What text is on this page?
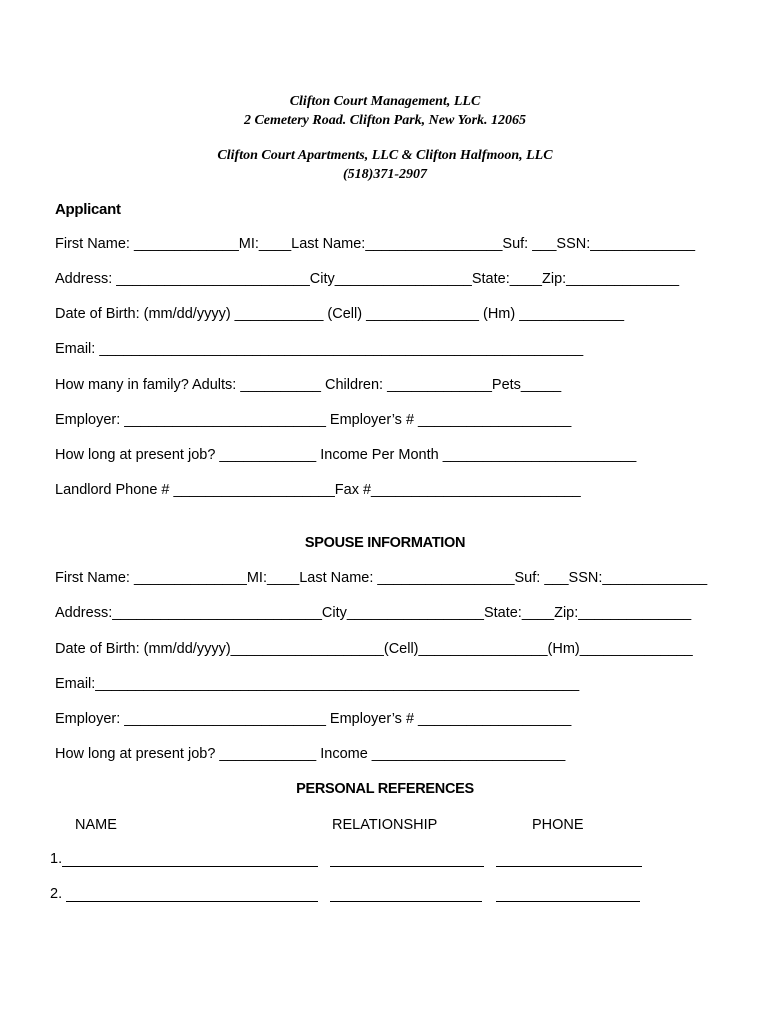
Clifton Court Management, LLC
2 Cemetery Road. Clifton Park, New York. 12065
Clifton Court Apartments, LLC & Clifton Halfmoon, LLC
(518)371-2907
Applicant
First Name: _____________MI:____Last Name:_________________Suf: ___SSN:_____________
Address: ________________________City_________________State:____Zip:______________
Date of Birth: (mm/dd/yyyy) ___________ (Cell) ______________ (Hm) _____________
Email: ____________________________________________________________
How many in family? Adults: __________ Children: _____________Pets_____
Employer: _________________________ Employer’s # ___________________
How long at present job? ____________ Income Per Month ________________________
Landlord Phone # ____________________Fax #__________________________
SPOUSE INFORMATION
First Name: ______________MI:____Last Name: _________________Suf: ___SSN:_____________
Address:__________________________City_________________State:____Zip:______________
Date of Birth: (mm/dd/yyyy)___________________(Cell)________________(Hm)______________
Email:____________________________________________________________
Employer: _________________________ Employer’s # ___________________
How long at present job? ____________ Income ________________________
PERSONAL REFERENCES
NAME	RELATIONSHIP	PHONE
1.
2.
